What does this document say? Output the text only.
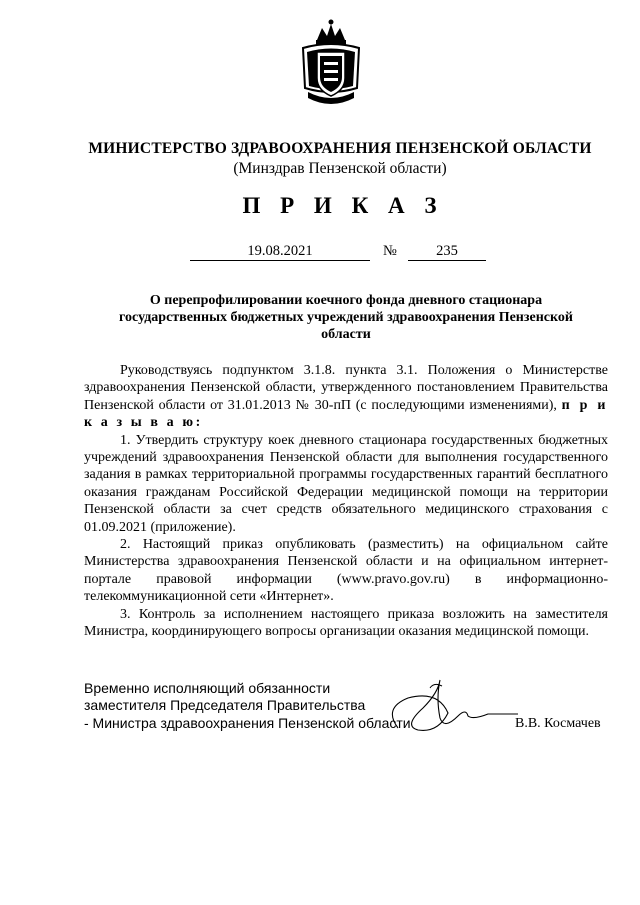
МИНИСТЕРСТВО ЗДРАВООХРАНЕНИЯ ПЕНЗЕНСКОЙ ОБЛАСТИ
(Минздрав Пензенской области)
П Р И К А З
19.08.2021	№	235
О перепрофилировании коечного фонда дневного стационара государственных бюджетных учреждений здравоохранения Пензенской области

Руководствуясь подпунктом 3.1.8. пункта 3.1. Положения о Министерстве здравоохранения Пензенской области, утвержденного постановлением Правительства Пензенской области от 31.01.2013 № 30-пП (с последующими изменениями), п р и к а з ы в а ю:

1. Утвердить структуру коек дневного стационара государственных бюджетных учреждений здравоохранения Пензенской области для выполнения государственного задания в рамках территориальной программы государственных гарантий бесплатного оказания гражданам Российской Федерации медицинской помощи на территории Пензенской области за счет средств обязательного медицинского страхования с 01.09.2021 (приложение).

2. Настоящий приказ опубликовать (разместить) на официальном сайте Министерства здравоохранения Пензенской области и на официальном интернет-портале правовой информации (www.pravo.gov.ru) в информационно-телекоммуникационной сети «Интернет».

3. Контроль за исполнением настоящего приказа возложить на заместителя Министра, координирующего вопросы организации оказания медицинской помощи.

Временно исполняющий обязанности
заместителя Председателя Правительства
- Министра здравоохранения Пензенской области	В.В. Космачев
